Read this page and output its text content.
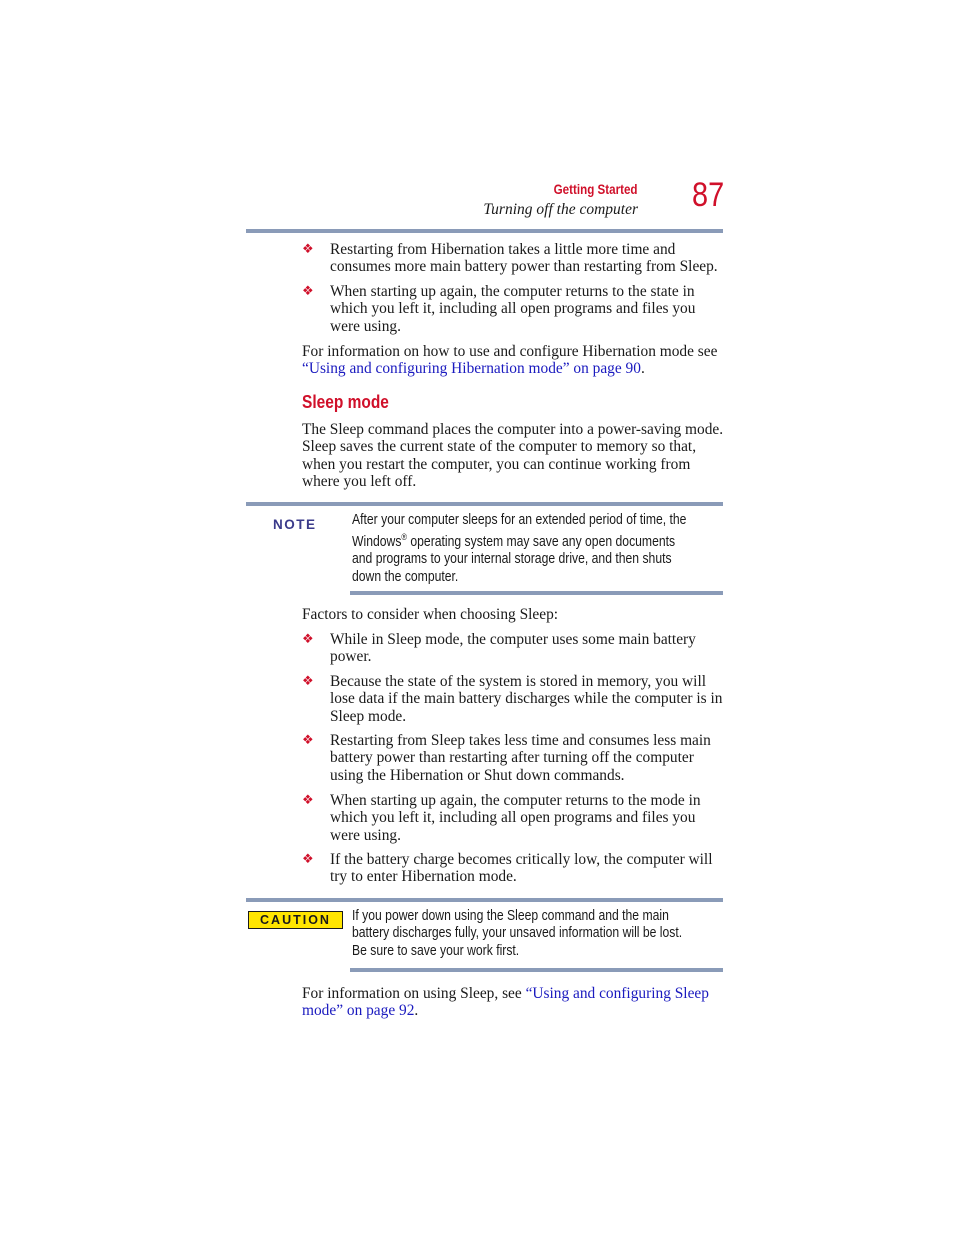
Getting Started
Turning off the computer 87
❖	Restarting from Hibernation takes a little more time and consumes more main battery power than restarting from Sleep.
❖	When starting up again, the computer returns to the state in which you left it, including all open programs and files you were using.
For information on how to use and configure Hibernation mode see “Using and configuring Hibernation mode” on page 90.
Sleep mode
The Sleep command places the computer into a power-saving mode. Sleep saves the current state of the computer to memory so that, when you restart the computer, you can continue working from where you left off.
NOTE After your computer sleeps for an extended period of time, the Windows® operating system may save any open documents and programs to your internal storage drive, and then shuts down the computer.
Factors to consider when choosing Sleep:
❖	While in Sleep mode, the computer uses some main battery power.
❖	Because the state of the system is stored in memory, you will lose data if the main battery discharges while the computer is in Sleep mode.
❖	Restarting from Sleep takes less time and consumes less main battery power than restarting after turning off the computer using the Hibernation or Shut down commands.
❖	When starting up again, the computer returns to the mode in which you left it, including all open programs and files you were using.
❖	If the battery charge becomes critically low, the computer will try to enter Hibernation mode.
CAUTION	If you power down using the Sleep command and the main battery discharges fully, your unsaved information will be lost. Be sure to save your work first.
For information on using Sleep, see “Using and configuring Sleep mode” on page 92.
